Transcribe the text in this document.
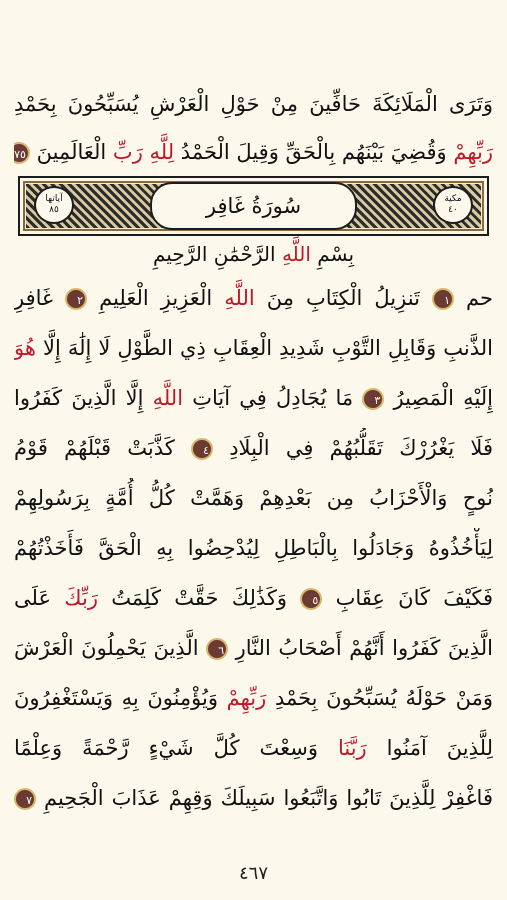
وَتَرَى الْمَلَائِكَةَ حَافِّينَ مِنْ حَوْلِ الْعَرْشِ يُسَبِّحُونَ بِحَمْدِ
رَبِّهِمْ وَقُضِيَ بَيْنَهُم بِالْحَقِّ وَقِيلَ الْحَمْدُ لِلَّهِ رَبِّ الْعَالَمِينَ ٧٥
مكية
٤٠
سُورَةُ غَافِر
آياتها
٨٥
بِسْمِ اللَّهِ الرَّحْمَٰنِ الرَّحِيمِ
حم ١ تَنزِيلُ الْكِتَابِ مِنَ اللَّهِ الْعَزِيزِ الْعَلِيمِ ٢ غَافِرِ
الذَّنبِ وَقَابِلِ التَّوْبِ شَدِيدِ الْعِقَابِ ذِي الطَّوْلِ لَا إِلَٰهَ إِلَّا هُوَ
إِلَيْهِ الْمَصِيرُ ٣ مَا يُجَادِلُ فِي آيَاتِ اللَّهِ إِلَّا الَّذِينَ كَفَرُوا
فَلَا يَغْرُرْكَ تَقَلُّبُهُمْ فِي الْبِلَادِ ٤ كَذَّبَتْ قَبْلَهُمْ قَوْمُ
نُوحٍ وَالْأَحْزَابُ مِن بَعْدِهِمْ وَهَمَّتْ كُلُّ أُمَّةٍ بِرَسُولِهِمْ
لِيَأْخُذُوهُ وَجَادَلُوا بِالْبَاطِلِ لِيُدْحِضُوا بِهِ الْحَقَّ فَأَخَذْتُهُمْ
فَكَيْفَ كَانَ عِقَابِ ٥ وَكَذَٰلِكَ حَقَّتْ كَلِمَتُ رَبِّكَ عَلَى
الَّذِينَ كَفَرُوا أَنَّهُمْ أَصْحَابُ النَّارِ ٦ الَّذِينَ يَحْمِلُونَ الْعَرْشَ
وَمَنْ حَوْلَهُ يُسَبِّحُونَ بِحَمْدِ رَبِّهِمْ وَيُؤْمِنُونَ بِهِ وَيَسْتَغْفِرُونَ
لِلَّذِينَ آمَنُوا رَبَّنَا وَسِعْتَ كُلَّ شَيْءٍ رَّحْمَةً وَعِلْمًا
فَاغْفِرْ لِلَّذِينَ تَابُوا وَاتَّبَعُوا سَبِيلَكَ وَقِهِمْ عَذَابَ الْجَحِيمِ ٧
٤٦٧
